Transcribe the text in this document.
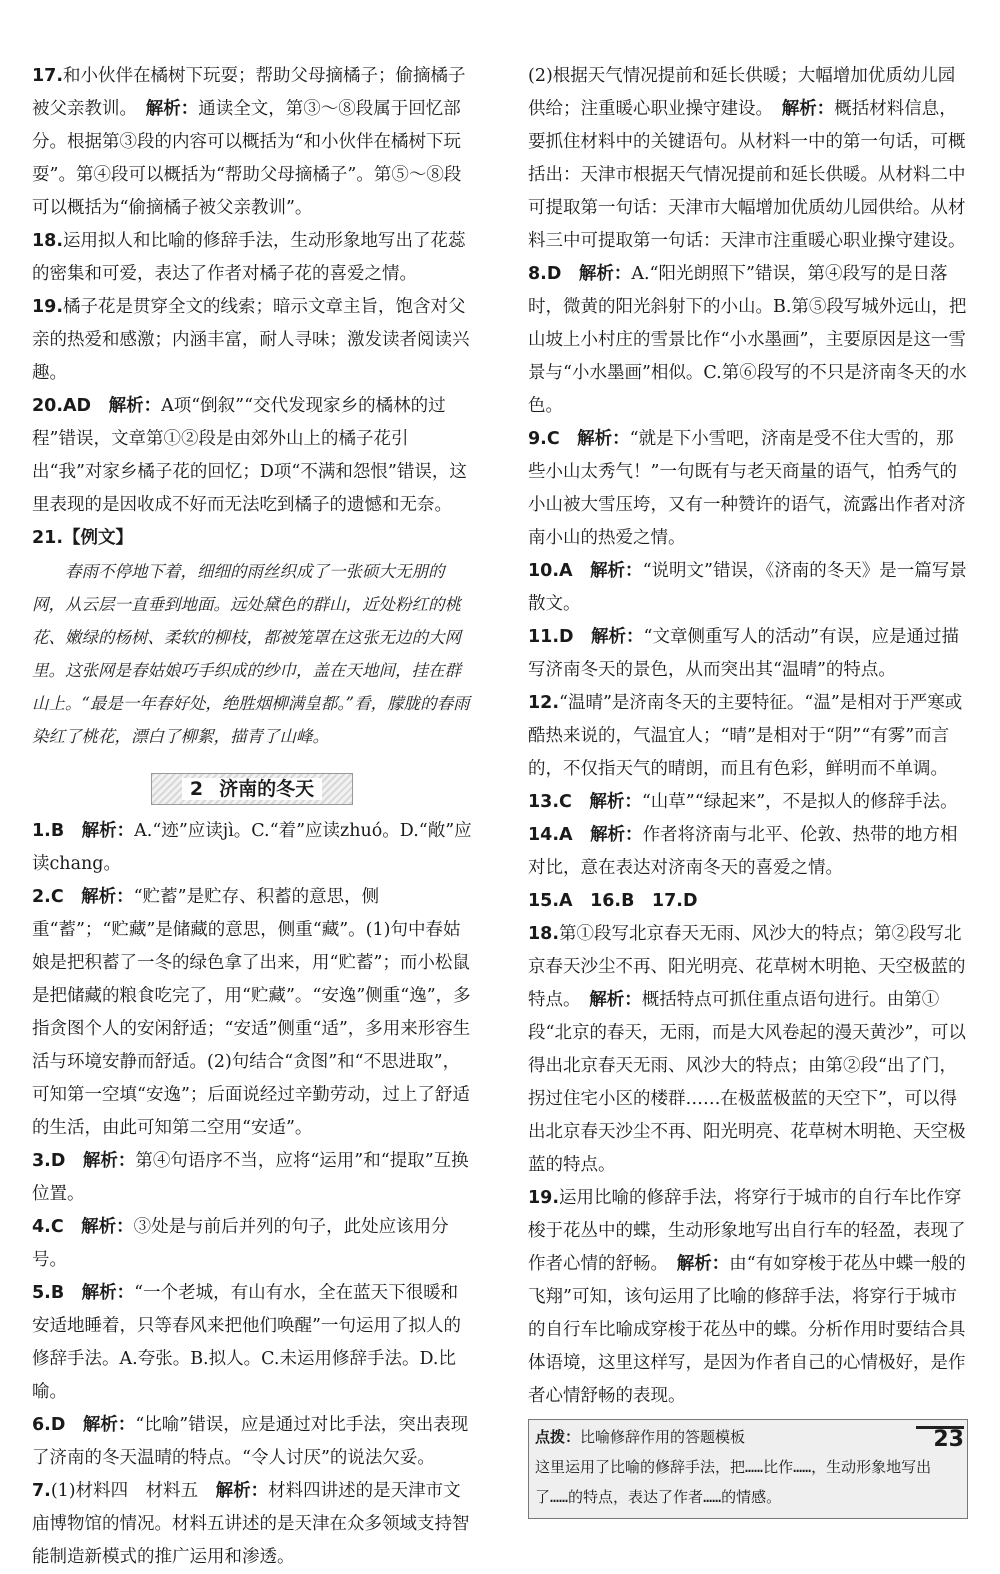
17.和小伙伴在橘树下玩耍；帮助父母摘橘子；偷摘橘子被父亲教训。　 解析：通读全文，第③～⑧段属于回忆部分。根据第③段的内容可以概括为“和小伙伴在橘树下玩耍”。第④段可以概括为“帮助父母摘橘子”。第⑤～⑧段可以概括为“偷摘橘子被父亲教训”。

18.运用拟人和比喻的修辞手法，生动形象地写出了花蕊的密集和可爱，表达了作者对橘子花的喜爱之情。

19.橘子花是贯穿全文的线索；暗示文章主旨，饱含对父亲的热爱和感激；内涵丰富，耐人寻味；激发读者阅读兴趣。

20.AD　 解析：A项“倒叙”“交代发现家乡的橘林的过程”错误，文章第①②段是由郊外山上的橘子花引出“我”对家乡橘子花的回忆；D项“不满和怨恨”错误，这里表现的是因收成不好而无法吃到橘子的遗憾和无奈。

21.【例文】

春雨不停地下着，细细的雨丝织成了一张硕大无朋的网，从云层一直垂到地面。远处黛色的群山，近处粉红的桃花、嫩绿的杨树、柔软的柳枝，都被笼罩在这张无边的大网里。这张网是春姑娘巧手织成的纱巾，盖在天地间，挂在群山上。“最是一年春好处，绝胜烟柳满皇都。”看，朦胧的春雨染红了桃花，漂白了柳絮，描青了山峰。

2 济南的冬天

1.B　 解析：A.“迹”应读jì。C.“着”应读zhuó。D.“敞”应读chang。

2.C　 解析：“贮蓄”是贮存、积蓄的意思，侧重“蓄”；“贮藏”是储藏的意思，侧重“藏”。(1)句中春姑娘是把积蓄了一冬的绿色拿了出来，用“贮蓄”；而小松鼠是把储藏的粮食吃完了，用“贮藏”。“安逸”侧重“逸”，多指贪图个人的安闲舒适；“安适”侧重“适”，多用来形容生活与环境安静而舒适。(2)句结合“贪图”和“不思进取”，可知第一空填“安逸”；后面说经过辛勤劳动，过上了舒适的生活，由此可知第二空用“安适”。

3.D　 解析：第④句语序不当，应将“运用”和“提取”互换位置。

4.C　 解析：③处是与前后并列的句子，此处应该用分号。

5.B　 解析：“一个老城，有山有水，全在蓝天下很暖和安适地睡着，只等春风来把他们唤醒”一句运用了拟人的修辞手法。A.夸张。B.拟人。C.未运用修辞手法。D.比喻。

6.D　 解析：“比喻”错误，应是通过对比手法，突出表现了济南的冬天温晴的特点。“令人讨厌”的说法欠妥。

7.(1)材料四　材料五　 解析：材料四讲述的是天津市文庙博物馆的情况。材料五讲述的是天津在众多领域支持智能制造新模式的推广运用和渗透。

(2)根据天气情况提前和延长供暖；大幅增加优质幼儿园供给；注重暖心职业操守建设。　 解析：概括材料信息，要抓住材料中的关键语句。从材料一中的第一句话，可概括出：天津市根据天气情况提前和延长供暖。从材料二中可提取第一句话：天津市大幅增加优质幼儿园供给。从材料三中可提取第一句话：天津市注重暖心职业操守建设。

8.D　 解析：A.“阳光朗照下”错误，第④段写的是日落时，微黄的阳光斜射下的小山。B.第⑤段写城外远山，把山坡上小村庄的雪景比作“小水墨画”，主要原因是这一雪景与“小水墨画”相似。C.第⑥段写的不只是济南冬天的水色。

9.C　 解析：“就是下小雪吧，济南是受不住大雪的，那些小山太秀气！”一句既有与老天商量的语气，怕秀气的小山被大雪压垮，又有一种赞许的语气，流露出作者对济南小山的热爱之情。

10.A　 解析：“说明文”错误，《济南的冬天》是一篇写景散文。

11.D　 解析：“文章侧重写人的活动”有误，应是通过描写济南冬天的景色，从而突出其“温晴”的特点。

12.“温晴”是济南冬天的主要特征。“温”是相对于严寒或酷热来说的，气温宜人；“晴”是相对于“阴”“有雾”而言的，不仅指天气的晴朗，而且有色彩，鲜明而不单调。

13.C　 解析：“山草”“绿起来”，不是拟人的修辞手法。

14.A　 解析：作者将济南与北平、伦敦、热带的地方相对比，意在表达对济南冬天的喜爱之情。

15.A　 16.B　 17.D

18.第①段写北京春天无雨、风沙大的特点；第②段写北京春天沙尘不再、阳光明亮、花草树木明艳、天空极蓝的特点。　 解析：概括特点可抓住重点语句进行。由第①段“北京的春天，无雨，而是大风卷起的漫天黄沙”，可以得出北京春天无雨、风沙大的特点；由第②段“出了门，拐过住宅小区的楼群……在极蓝极蓝的天空下”，可以得出北京春天沙尘不再、阳光明亮、花草树木明艳、天空极蓝的特点。

19.运用比喻的修辞手法，将穿行于城市的自行车比作穿梭于花丛中的蝶，生动形象地写出自行车的轻盈，表现了作者心情的舒畅。　 解析：由“有如穿梭于花丛中蝶一般的飞翔”可知，该句运用了比喻的修辞手法，将穿行于城市的自行车比喻成穿梭于花丛中的蝶。分析作用时要结合具体语境，这里这样写，是因为作者自己的心情极好，是作者心情舒畅的表现。

点拨：比喻修辞作用的答题模板
这里运用了比喻的修辞手法，把……比作……，生动形象地写出了……的特点，表达了作者……的情感。
23
